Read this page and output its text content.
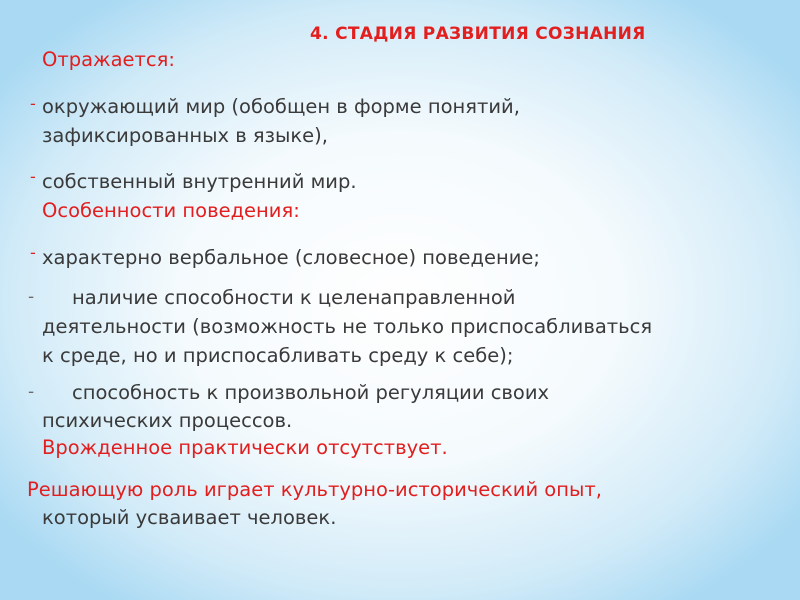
4. СТАДИЯ РАЗВИТИЯ СОЗНАНИЯ
Отражается:
- окружающий мир (обобщен в форме понятий,
зафиксированных в языке),
- собственный внутренний мир.
Особенности поведения:
- характерно вербальное (словесное) поведение;
- наличие способности к целенаправленной
деятельности (возможность не только приспосабливаться
к среде, но и приспосабливать среду к себе);
- способность к произвольной регуляции своих
психических процессов.
Врожденное практически отсутствует.
Решающую роль играет культурно-исторический опыт,
который усваивает человек.
